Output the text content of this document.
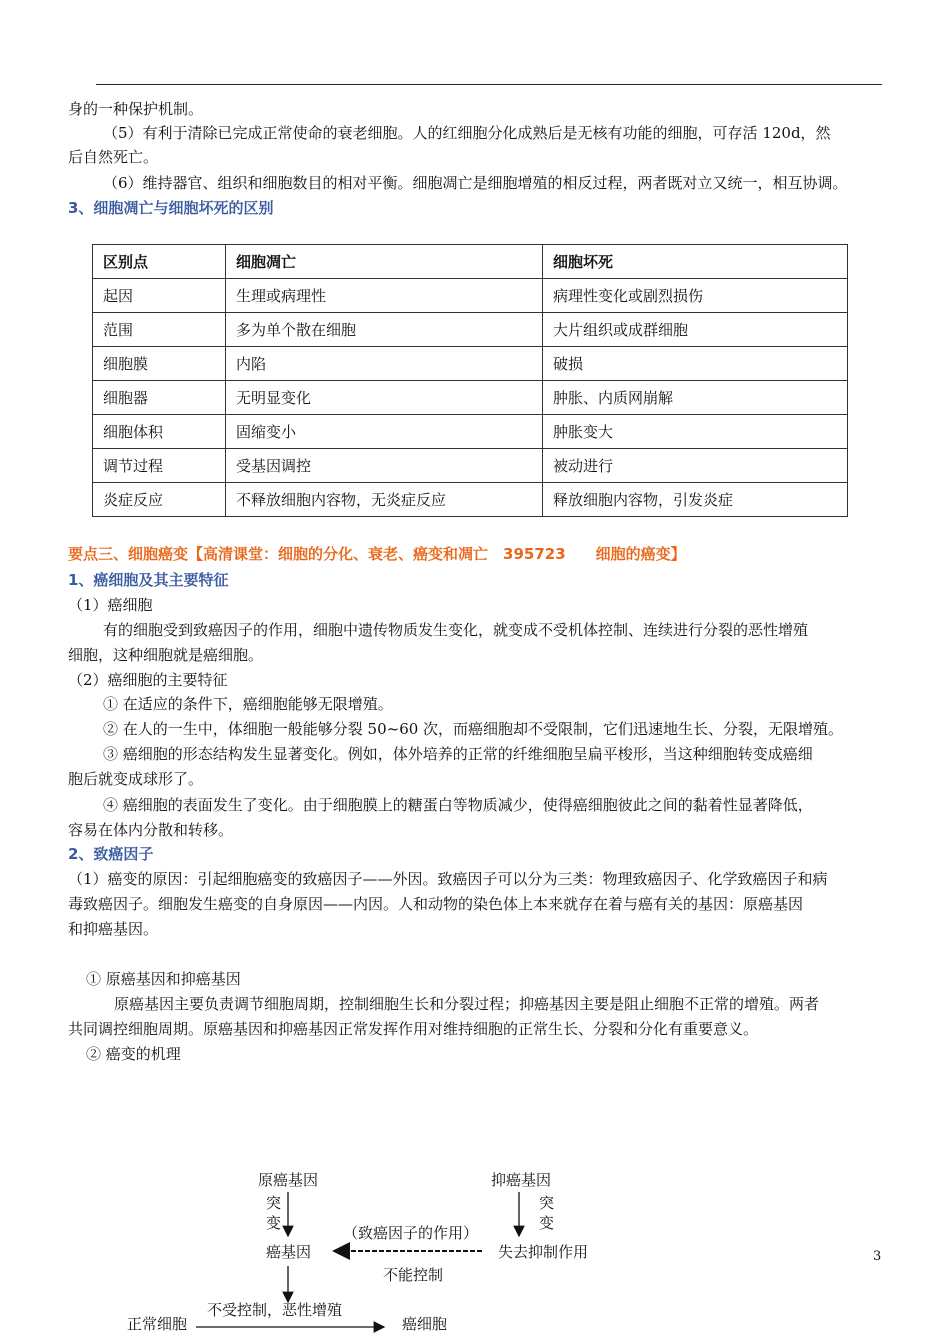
身的一种保护机制。
（5）有利于清除已完成正常使命的衰老细胞。人的红细胞分化成熟后是无核有功能的细胞，可存活 120d，然
后自然死亡。
（6）维持器官、组织和细胞数目的相对平衡。细胞凋亡是细胞增殖的相反过程，两者既对立又统一，相互协调。
3、细胞凋亡与细胞坏死的区别
区别点	细胞凋亡	细胞坏死
起因	生理或病理性	病理性变化或剧烈损伤
范围	多为单个散在细胞	大片组织或成群细胞
细胞膜	内陷	破损
细胞器	无明显变化	肿胀、内质网崩解
细胞体积	固缩变小	肿胀变大
调节过程	受基因调控	被动进行
炎症反应	不释放细胞内容物，无炎症反应	释放细胞内容物，引发炎症
要点三、细胞癌变【高清课堂：细胞的分化、衰老、癌变和凋亡　395723　　细胞的癌变】
1、癌细胞及其主要特征
（1）癌细胞
有的细胞受到致癌因子的作用，细胞中遗传物质发生变化，就变成不受机体控制、连续进行分裂的恶性增殖
细胞，这种细胞就是癌细胞。
（2）癌细胞的主要特征
① 在适应的条件下，癌细胞能够无限增殖。
② 在人的一生中，体细胞一般能够分裂 50~60 次，而癌细胞却不受限制，它们迅速地生长、分裂，无限增殖。
③ 癌细胞的形态结构发生显著变化。例如，体外培养的正常的纤维细胞呈扁平梭形，当这种细胞转变成癌细
胞后就变成球形了。
④ 癌细胞的表面发生了变化。由于细胞膜上的糖蛋白等物质减少，使得癌细胞彼此之间的黏着性显著降低，
容易在体内分散和转移。
2、致癌因子
（1）癌变的原因：引起细胞癌变的致癌因子——外因。致癌因子可以分为三类：物理致癌因子、化学致癌因子和病
毒致癌因子。细胞发生癌变的自身原因——内因。人和动物的染色体上本来就存在着与癌有关的基因：原癌基因
和抑癌基因。
① 原癌基因和抑癌基因
原癌基因主要负责调节细胞周期，控制细胞生长和分裂过程；抑癌基因主要是阻止细胞不正常的增殖。两者
共同调控细胞周期。原癌基因和抑癌基因正常发挥作用对维持细胞的正常生长、分裂和分化有重要意义。
② 癌变的机理
原癌基因	抑癌基因
突
变
突
变
（致癌因子的作用）
癌基因	失去抑制作用
不能控制
不受控制，恶性增殖
正常细胞	癌细胞
3
